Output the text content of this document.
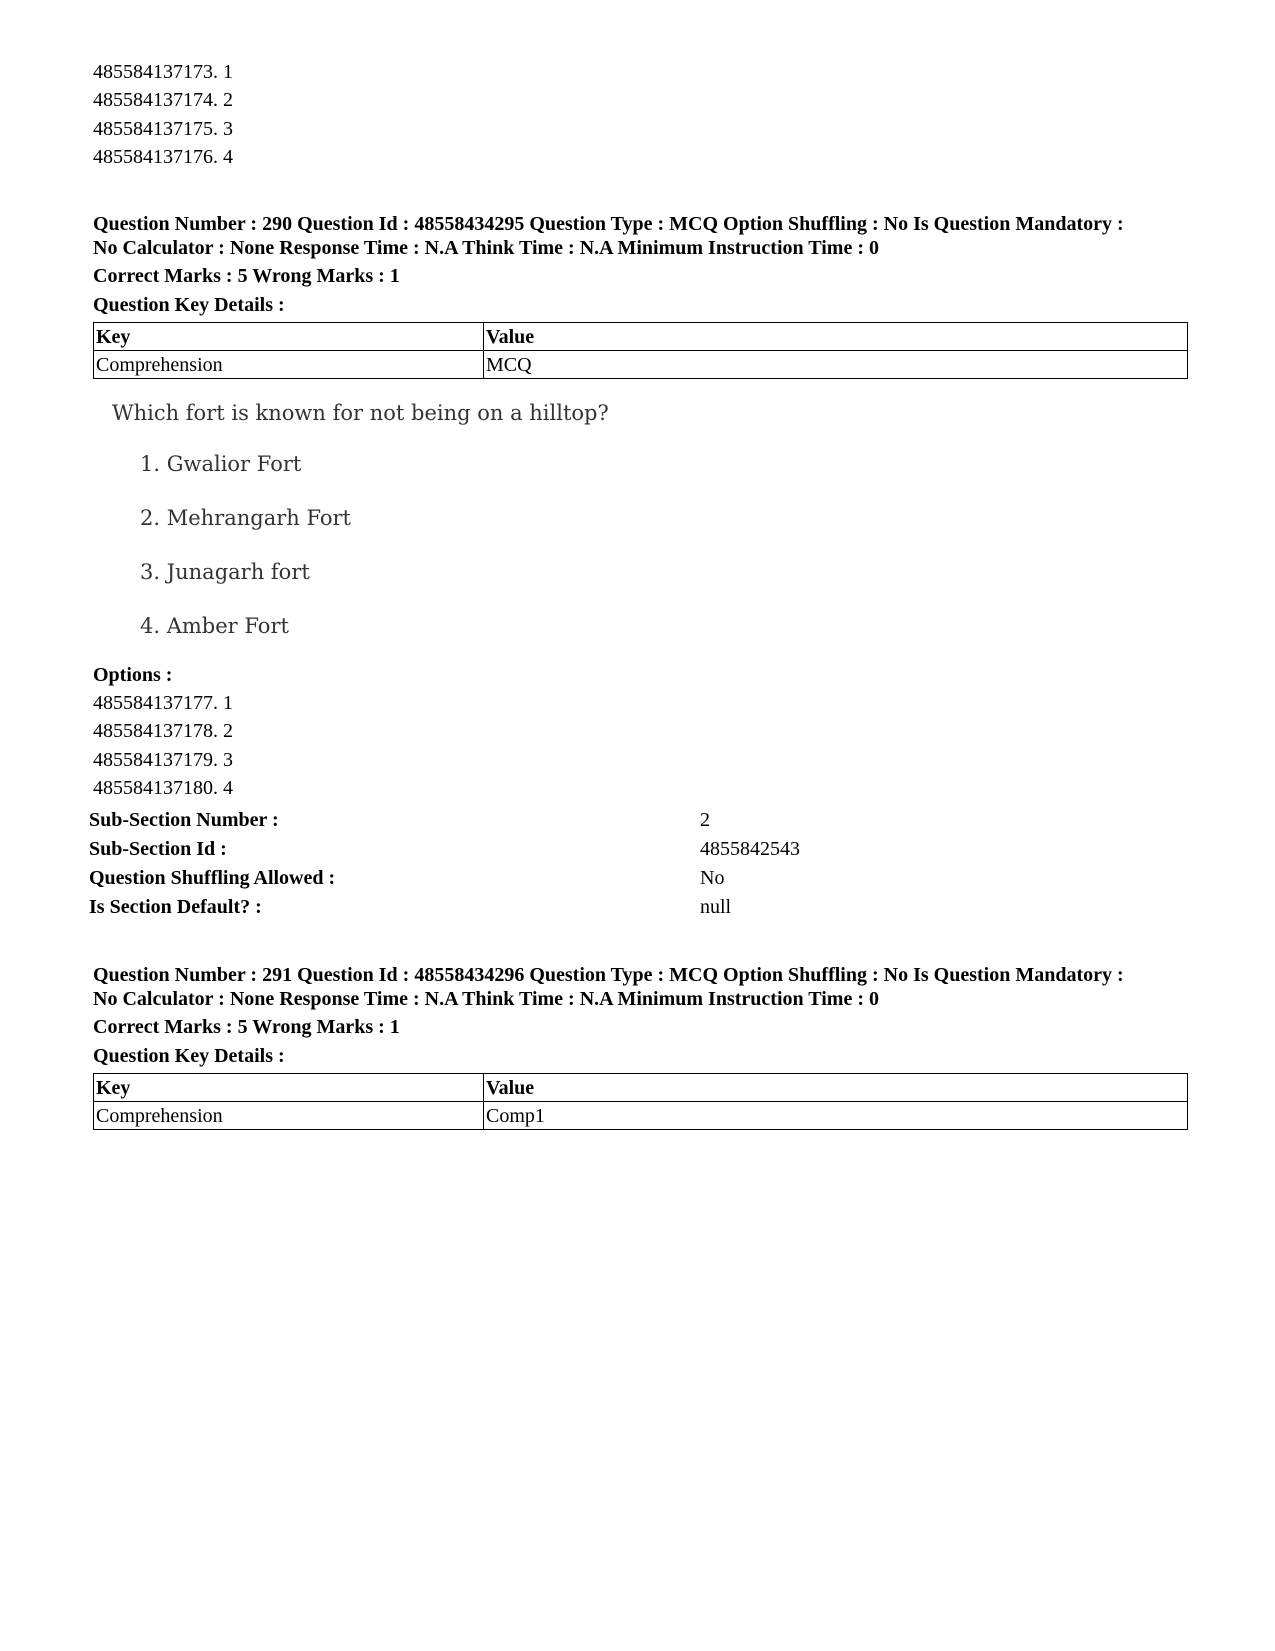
485584137173. 1
485584137174. 2
485584137175. 3
485584137176. 4
Question Number : 290 Question Id : 48558434295 Question Type : MCQ Option Shuffling : No Is Question Mandatory :
No Calculator : None Response Time : N.A Think Time : N.A Minimum Instruction Time : 0
Correct Marks : 5 Wrong Marks : 1
Question Key Details :
Key	Value
Comprehension	MCQ
Which fort is known for not being on a hilltop?
1. Gwalior Fort
2. Mehrangarh Fort
3. Junagarh fort
4. Amber Fort
Options :
485584137177. 1
485584137178. 2
485584137179. 3
485584137180. 4
Sub-Section Number :	2
Sub-Section Id :	4855842543
Question Shuffling Allowed :	No
Is Section Default? :	null
Question Number : 291 Question Id : 48558434296 Question Type : MCQ Option Shuffling : No Is Question Mandatory :
No Calculator : None Response Time : N.A Think Time : N.A Minimum Instruction Time : 0
Correct Marks : 5 Wrong Marks : 1
Question Key Details :
Key	Value
Comprehension	Comp1
